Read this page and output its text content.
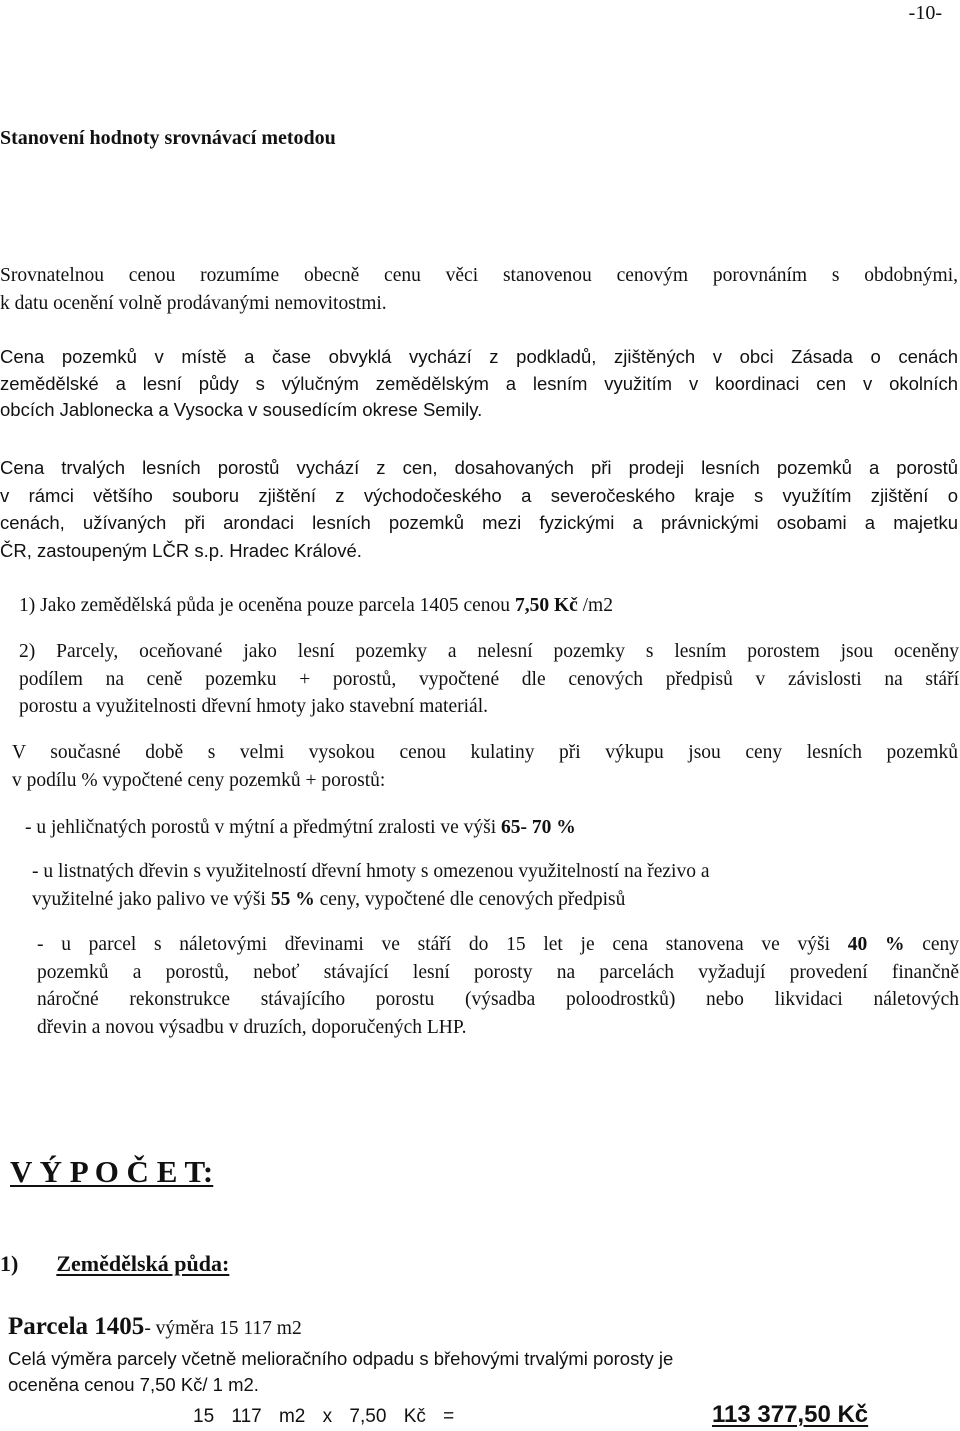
-10-
Stanovení hodnoty srovnávací metodou
Srovnatelnou cenou rozumíme obecně cenu věci stanovenou cenovým porovnáním s obdobnými,
k datu ocenění volně prodávanými nemovitostmi.
Cena pozemků v místě a čase obvyklá vychází z podkladů, zjištěných v obci Zásada o cenách
zemědělské a lesní půdy s výlučným zemědělským a lesním využitím v koordinaci cen v okolních
obcích Jablonecka a Vysocka v sousedícím okrese Semily.
Cena trvalých lesních porostů vychází z cen, dosahovaných při prodeji lesních pozemků a porostů
v rámci většího souboru zjištění z východočeského a severočeského kraje s využítím zjištění o
cenách, užívaných při arondaci lesních pozemků mezi fyzickými a právnickými osobami a majetku
ČR, zastoupeným LČR s.p. Hradec Králové.
1) Jako zemědělská půda je oceněna pouze parcela 1405 cenou 7,50 Kč /m2
2) Parcely, oceňované jako lesní pozemky a nelesní pozemky s lesním porostem jsou oceněny
podílem na ceně pozemku + porostů, vypočtené dle cenových předpisů v závislosti na stáří
porostu a využitelnosti dřevní hmoty jako stavební materiál.
V současné době s velmi vysokou cenou kulatiny při výkupu jsou ceny lesních pozemků
v podílu % vypočtené ceny pozemků + porostů:
- u jehličnatých porostů v mýtní a předmýtní zralosti ve výši 65- 70 %
- u listnatých dřevin s využitelností dřevní hmoty s omezenou využitelností na řezivo a
využitelné jako palivo ve výši 55 % ceny, vypočtené dle cenových předpisů
- u parcel s náletovými dřevinami ve stáří do 15 let je cena stanovena ve výši 40 % ceny
pozemků a porostů, neboť stávající lesní porosty na parcelách vyžadují provedení finančně
náročné rekonstrukce stávajícího porostu (výsadba poloodrostků) nebo likvidaci náletových
dřevin a novou výsadbu v druzích, doporučených LHP.
V Ý P O Č E T:
1) Zemědělská půda:
Parcela 1405- výměra 15 117 m2
Celá výměra parcely včetně melioračního odpadu s břehovými trvalými porosty je
oceněna cenou 7,50 Kč/ 1 m2.
15 117 m2 x 7,50 Kč =	113 377,50 Kč
